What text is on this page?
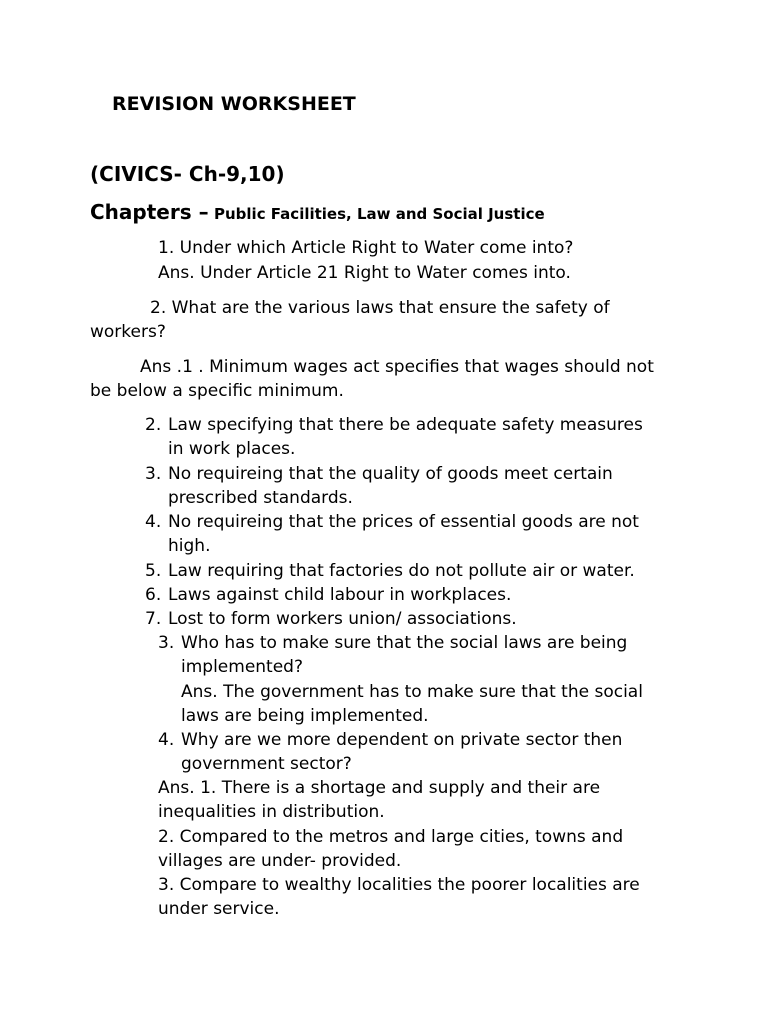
REVISION WORKSHEET
(CIVICS- Ch-9,10)
Chapters – Public Facilities, Law and Social Justice
1. Under which Article Right to Water come into?
Ans. Under Article 21 Right to Water comes into.
2. What are the various laws that ensure the safety of
workers?
Ans .1 . Minimum wages act specifies that wages should not
be below a specific minimum.
2. Law specifying that there be adequate safety measures
in work places.
3. No requireing that the quality of goods meet certain
prescribed standards.
4. No requireing that the prices of essential goods are not
high.
5. Law requiring that factories do not pollute air or water.
6. Laws against child labour in workplaces.
7. Lost to form workers union/ associations.
3. Who has to make sure that the social laws are being
implemented?
Ans. The government has to make sure that the social
laws are being implemented.
4. Why are we more dependent on private sector then
government sector?
Ans. 1. There is a shortage and supply and their are
inequalities in distribution.
2. Compared to the metros and large cities, towns and
villages are under- provided.
3. Compare to wealthy localities the poorer localities are
under service.
